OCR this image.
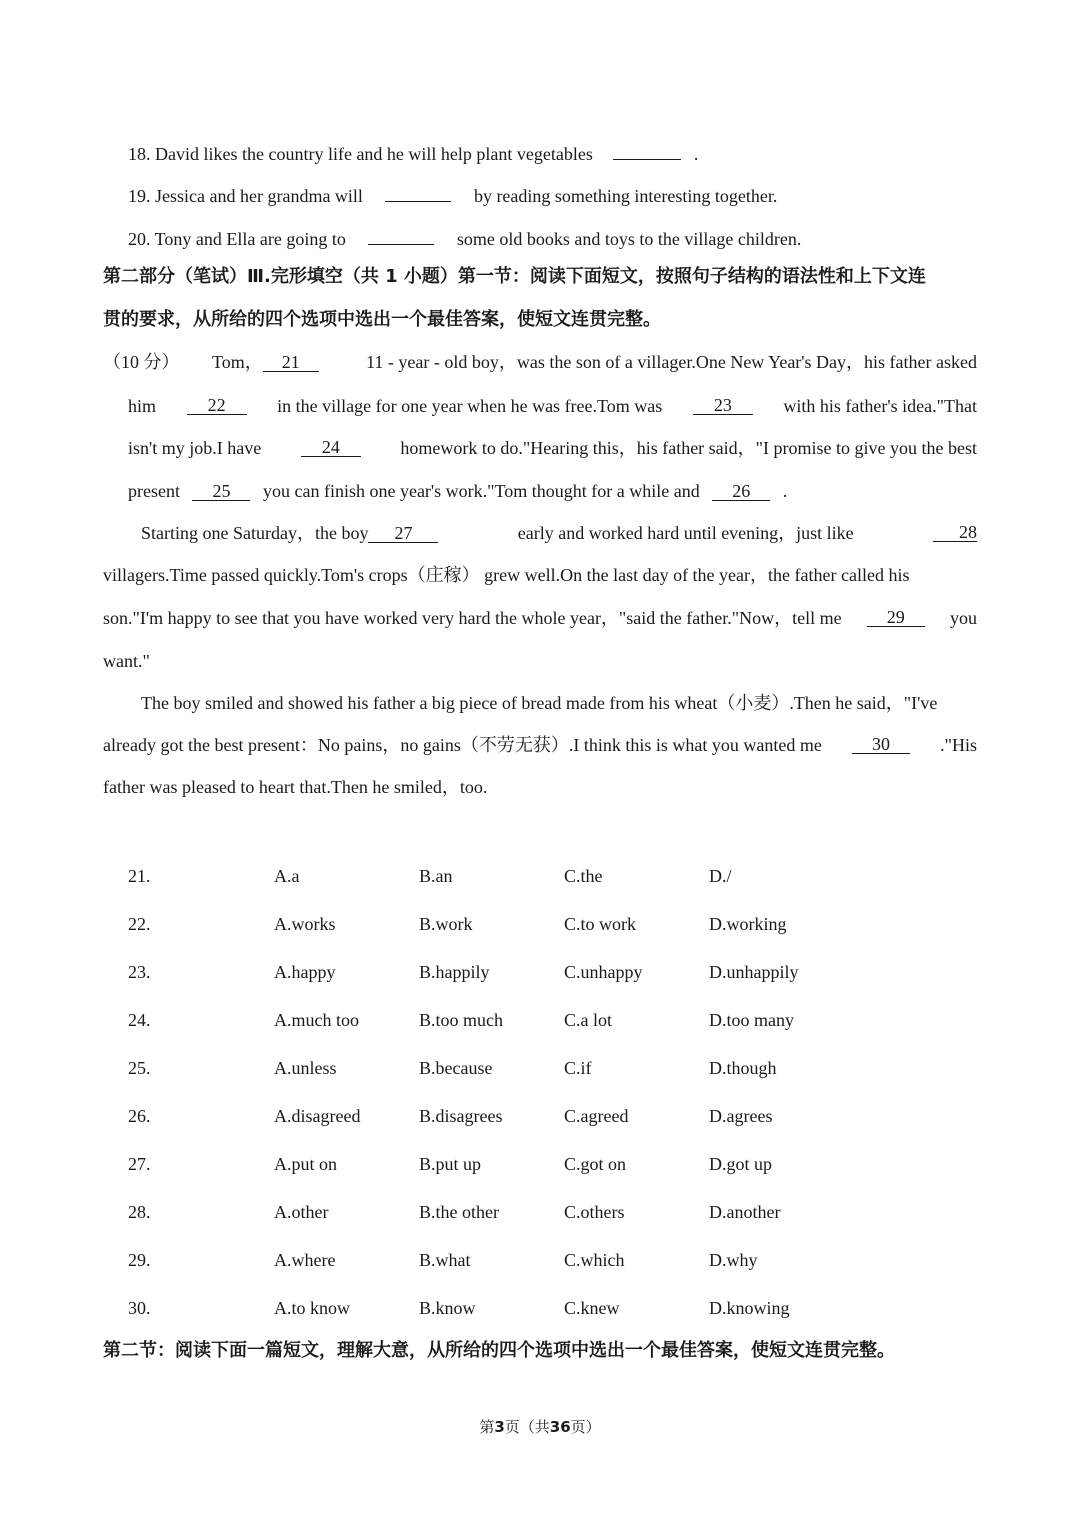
18. David likes the country life and he will help plant vegetables	.
19. Jessica and her grandma will	by reading something interesting together.
20. Tony and Ella are going to	some old books and toys to the village children.
第二部分（笔试）Ⅲ.完形填空（共 1 小题）第一节：阅读下面短文，按照句子结构的语法性和上下文连
贯的要求，从所给的四个选项中选出一个最佳答案，使短文连贯完整。
（10 分） Tom， 21	11 - year - old boy，was the son of a villager.One New Year's Day，his father asked
him	22	in the village for one year when he was free.Tom was	23	with his father's idea."That
isn't my job.I have	24	homework to do."Hearing this，his father said，"I promise to give you the best
present 25 you can finish one year's work."Tom thought for a while and 26 .
Starting one Saturday，the boy 27	early and worked hard until evening，just like	28
villagers.Time passed quickly.Tom's crops（庄稼） grew well.On the last day of the year，the father called his
son."I'm happy to see that you have worked very hard the whole year，"said the father."Now，tell me	29	you
want."
The boy smiled and showed his father a big piece of bread made from his wheat（小麦）.Then he said，"I've
already got the best present：No pains，no gains（不劳无获）.I think this is what you wanted me	30	."His
father was pleased to heart that.Then he smiled，too.
21.	A.a	B.an	C.the	D./
22.	A.works	B.work	C.to work	D.working
23.	A.happy	B.happily	C.unhappy	D.unhappily
24.	A.much too	B.too much	C.a lot	D.too many
25.	A.unless	B.because	C.if	D.though
26.	A.disagreed	B.disagrees	C.agreed	D.agrees
27.	A.put on	B.put up	C.got on	D.got up
28.	A.other	B.the other	C.others	D.another
29.	A.where	B.what	C.which	D.why
30.	A.to know	B.know	C.knew	D.knowing
第二节：阅读下面一篇短文，理解大意，从所给的四个选项中选出一个最佳答案，使短文连贯完整。
第3页（共36页）
